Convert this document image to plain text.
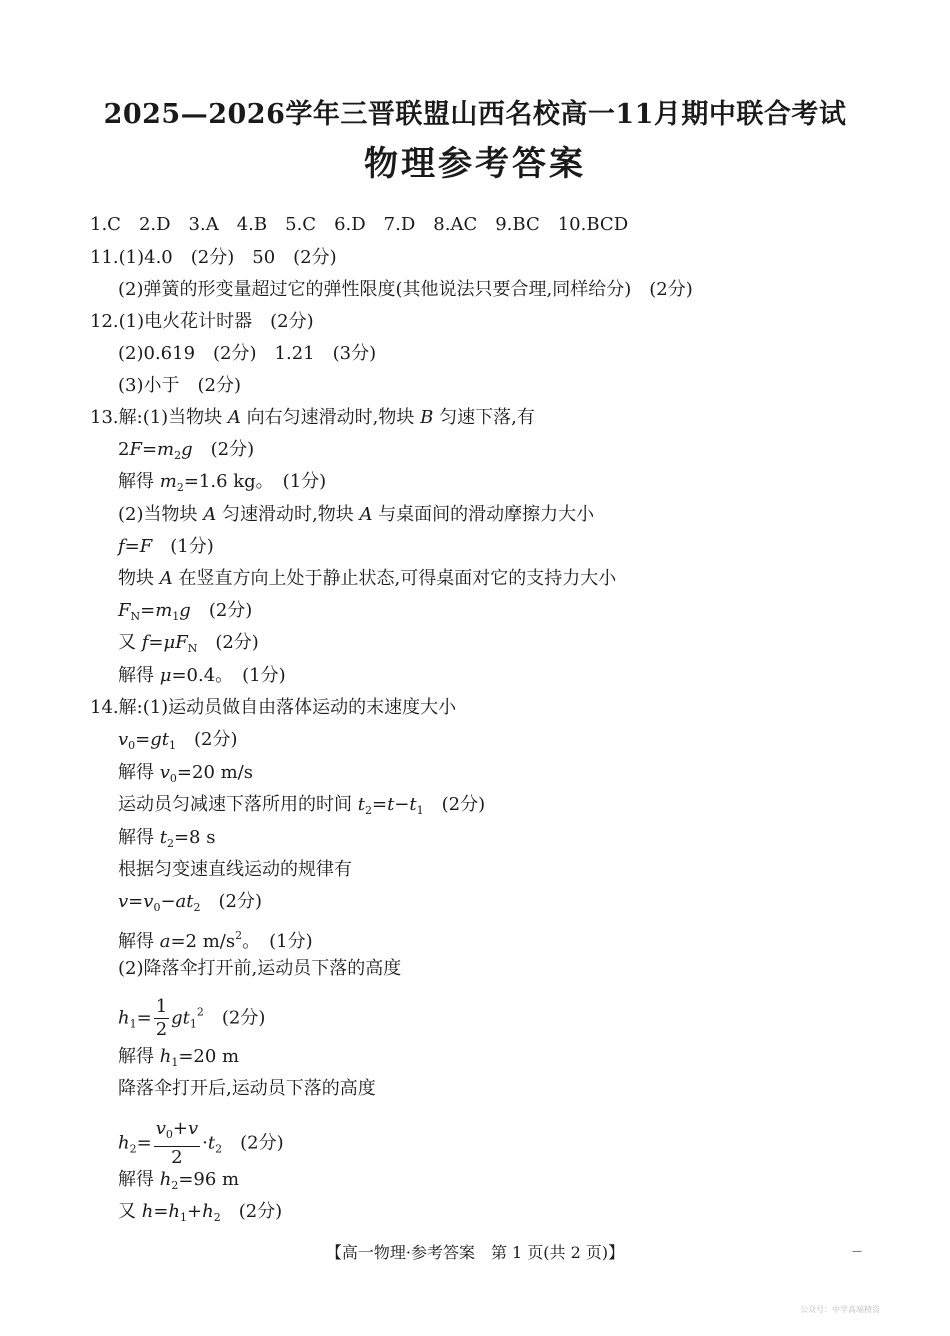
2025—2026学年三晋联盟山西名校高一11月期中联合考试
物理参考答案
1.C　2.D　3.A　4.B　5.C　6.D　7.D　8.AC　9.BC　10.BCD
11.(1)4.0　(2分)　50　(2分)
(2)弹簧的形变量超过它的弹性限度(其他说法只要合理,同样给分)　(2分)
12.(1)电火花计时器　(2分)
(2)0.619　(2分)　1.21　(3分)
(3)小于　(2分)
13.解:(1)当物块 A 向右匀速滑动时,物块 B 匀速下落,有
$2F=m_2g$　 (2分)
解得 $m_2=1.6$ kg。　(1分)
(2)当物块 A 匀速滑动时,物块 A 与桌面间的滑动摩擦力大小
f=F　 (1分)
物块 A 在竖直方向上处于静止状态,可得桌面对它的支持力大小
$F_N=m_1g$　 (2分)
又 $f=\mu F_N$　 (2分)
解得 μ=0.4。　(1分)
14.解:(1)运动员做自由落体运动的末速度大小
$v_0=gt_1$　 (2分)
解得 $v_0=20$ m/s
运动员匀减速下落所用的时间 $t_2=t-t_1$　 (2分)
解得 $t_2=8$ s
根据匀变速直线运动的规律有
$v=v_0-at_2$　 (2分)
解得 a=2 $m/s^2$。　(1分)
(2)降落伞打开前,运动员下落的高度
$h_1= \frac{1}{2} gt_1^2$　 (2分)
解得 $h_1=20$ m
降落伞打开后,运动员下落的高度
$h_2= \frac{v_0+v}{2} \cdot t_2$　 (2分)
解得 $h_2=96$ m
又 $h=h_1+h_2$　 (2分)
【高一物理·参考答案　第 1 页(共 2 页)】	—
公众号：中学高端精资
